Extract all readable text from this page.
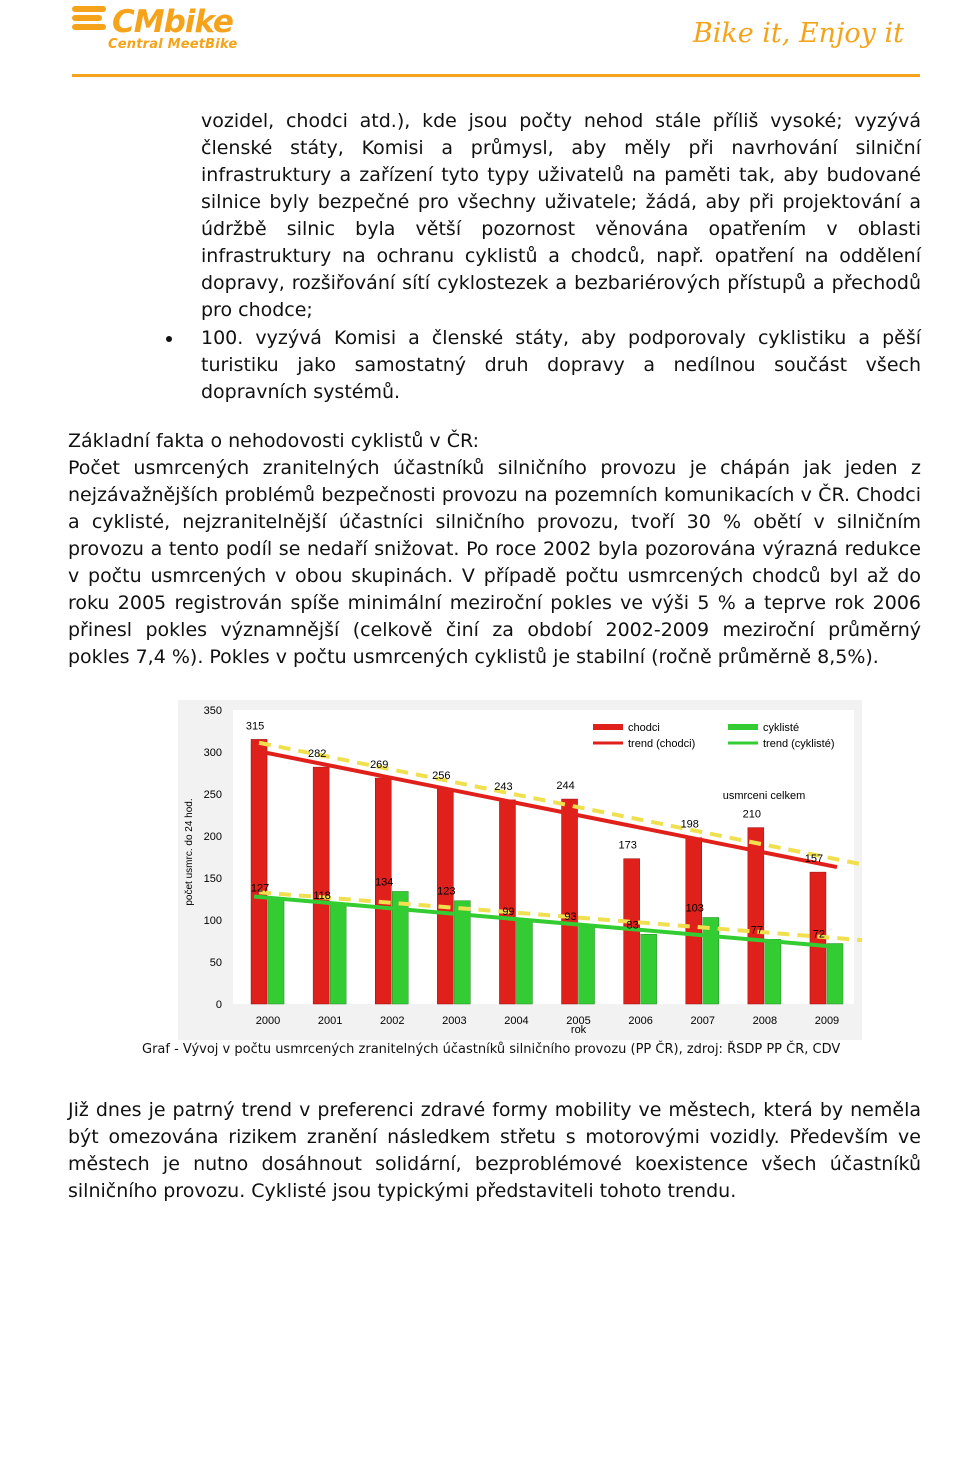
CMbike
Central MeetBike	Bike it, Enjoy it
vozidel, chodci atd.), kde jsou počty nehod stále příliš vysoké; vyzývá členské státy, Komisi a průmysl, aby měly při navrhování silniční infrastruktury a zařízení tyto typy uživatelů na paměti tak, aby budované silnice byly bezpečné pro všechny uživatele; žádá, aby při projektování a údržbě silnic byla větší pozornost věnována opatřením v oblasti infrastruktury na ochranu cyklistů a chodců, např. opatření na oddělení dopravy, rozšiřování sítí cyklostezek a bezbariérových přístupů a přechodů pro chodce;
100. vyzývá Komisi a členské státy, aby podporovaly cyklistiku a pěší turistiku jako samostatný druh dopravy a nedílnou součást všech dopravních systémů.
Základní fakta o nehodovosti cyklistů v ČR:
Počet usmrcených zranitelných účastníků silničního provozu je chápán jak jeden z nejzávažnějších problémů bezpečnosti provozu na pozemních komunikacích v ČR. Chodci a cyklisté, nejzranitelnější účastníci silničního provozu, tvoří 30 % obětí v silničním provozu a tento podíl se nedaří snižovat. Po roce 2002 byla pozorována výrazná redukce v počtu usmrcených v obou skupinách. V případě počtu usmrcených chodců byl až do roku 2005 registrován spíše minimální meziroční pokles ve výši 5 % a teprve rok 2006 přinesl pokles významnější (celkově činí za období 2002-2009 meziroční průměrný pokles 7,4 %). Pokles v počtu usmrcených cyklistů je stabilní (ročně průměrně 8,5%).
0
50
100
150
200
250
300
350
počet usmrc. do 24 hod.
315
282
269
256
243	244
173
198
210
157
127
118
134
123
99	93
83
103
77	72
2000	2001	2002	2003	2004	2005	2006	2007	2008	2009
rok
chodci	cyklisté
trend (chodci)	trend (cyklisté)
usmrceni celkem
Graf - Vývoj v počtu usmrcených zranitelných účastníků silničního provozu (PP ČR), zdroj: ŘSDP PP ČR, CDV
Již dnes je patrný trend v preferenci zdravé formy mobility ve městech, která by neměla být omezována rizikem zranění následkem střetu s motorovými vozidly. Především ve městech je nutno dosáhnout solidární, bezproblémové koexistence všech účastníků silničního provozu. Cyklisté jsou typickými představiteli tohoto trendu.
